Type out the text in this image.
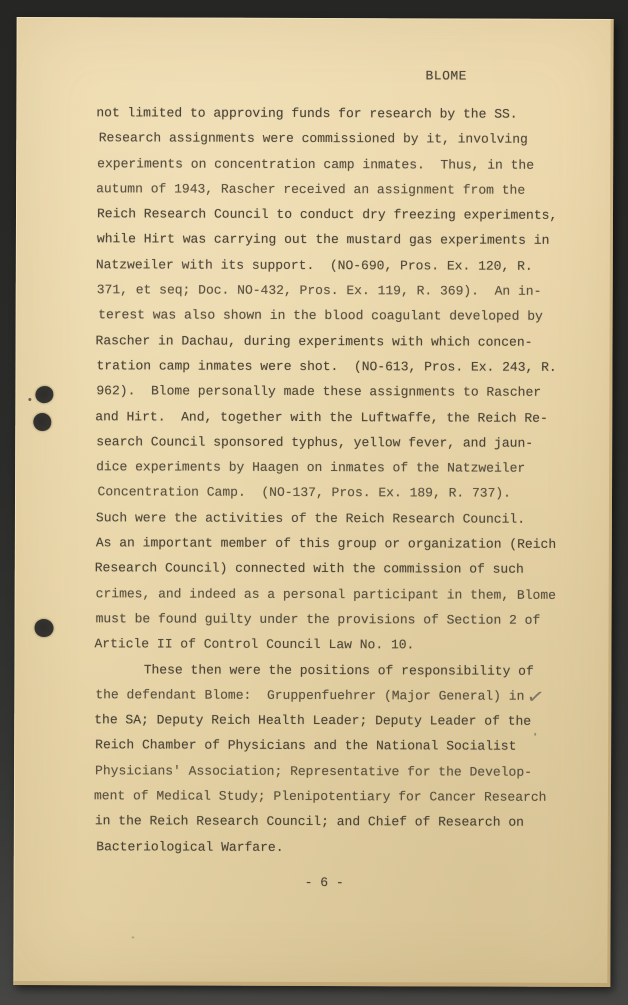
BLOME
not limited to approving funds for research by the SS.
Research assignments were commissioned by it, involving
experiments on concentration camp inmates.  Thus, in the
autumn of 1943, Rascher received an assignment from the
Reich Research Council to conduct dry freezing experiments,
while Hirt was carrying out the mustard gas experiments in
Natzweiler with its support.  (NO-690, Pros. Ex. 120, R.
371, et seq; Doc. NO-432, Pros. Ex. 119, R. 369).  An in-
terest was also shown in the blood coagulant developed by
Rascher in Dachau, during experiments with which concen-
tration camp inmates were shot.  (NO-613, Pros. Ex. 243, R.
962).  Blome personally made these assignments to Rascher
and Hirt.  And, together with the Luftwaffe, the Reich Re-
search Council sponsored typhus, yellow fever, and jaun-
dice experiments by Haagen on inmates of the Natzweiler
Concentration Camp.  (NO-137, Pros. Ex. 189, R. 737).
Such were the activities of the Reich Research Council.
As an important member of this group or organization (Reich
Research Council) connected with the commission of such
crimes, and indeed as a personal participant in them, Blome
must be found guilty under the provisions of Section 2 of
Article II of Control Council Law No. 10.
These then were the positions of responsibility of
the defendant Blome:  Gruppenfuehrer (Major General) in
the SA; Deputy Reich Health Leader; Deputy Leader of the
Reich Chamber of Physicians and the National Socialist
Physicians' Association; Representative for the Develop-
ment of Medical Study; Plenipotentiary for Cancer Research
in the Reich Research Council; and Chief of Research on
Bacteriological Warfare.
- 6 -
✓
